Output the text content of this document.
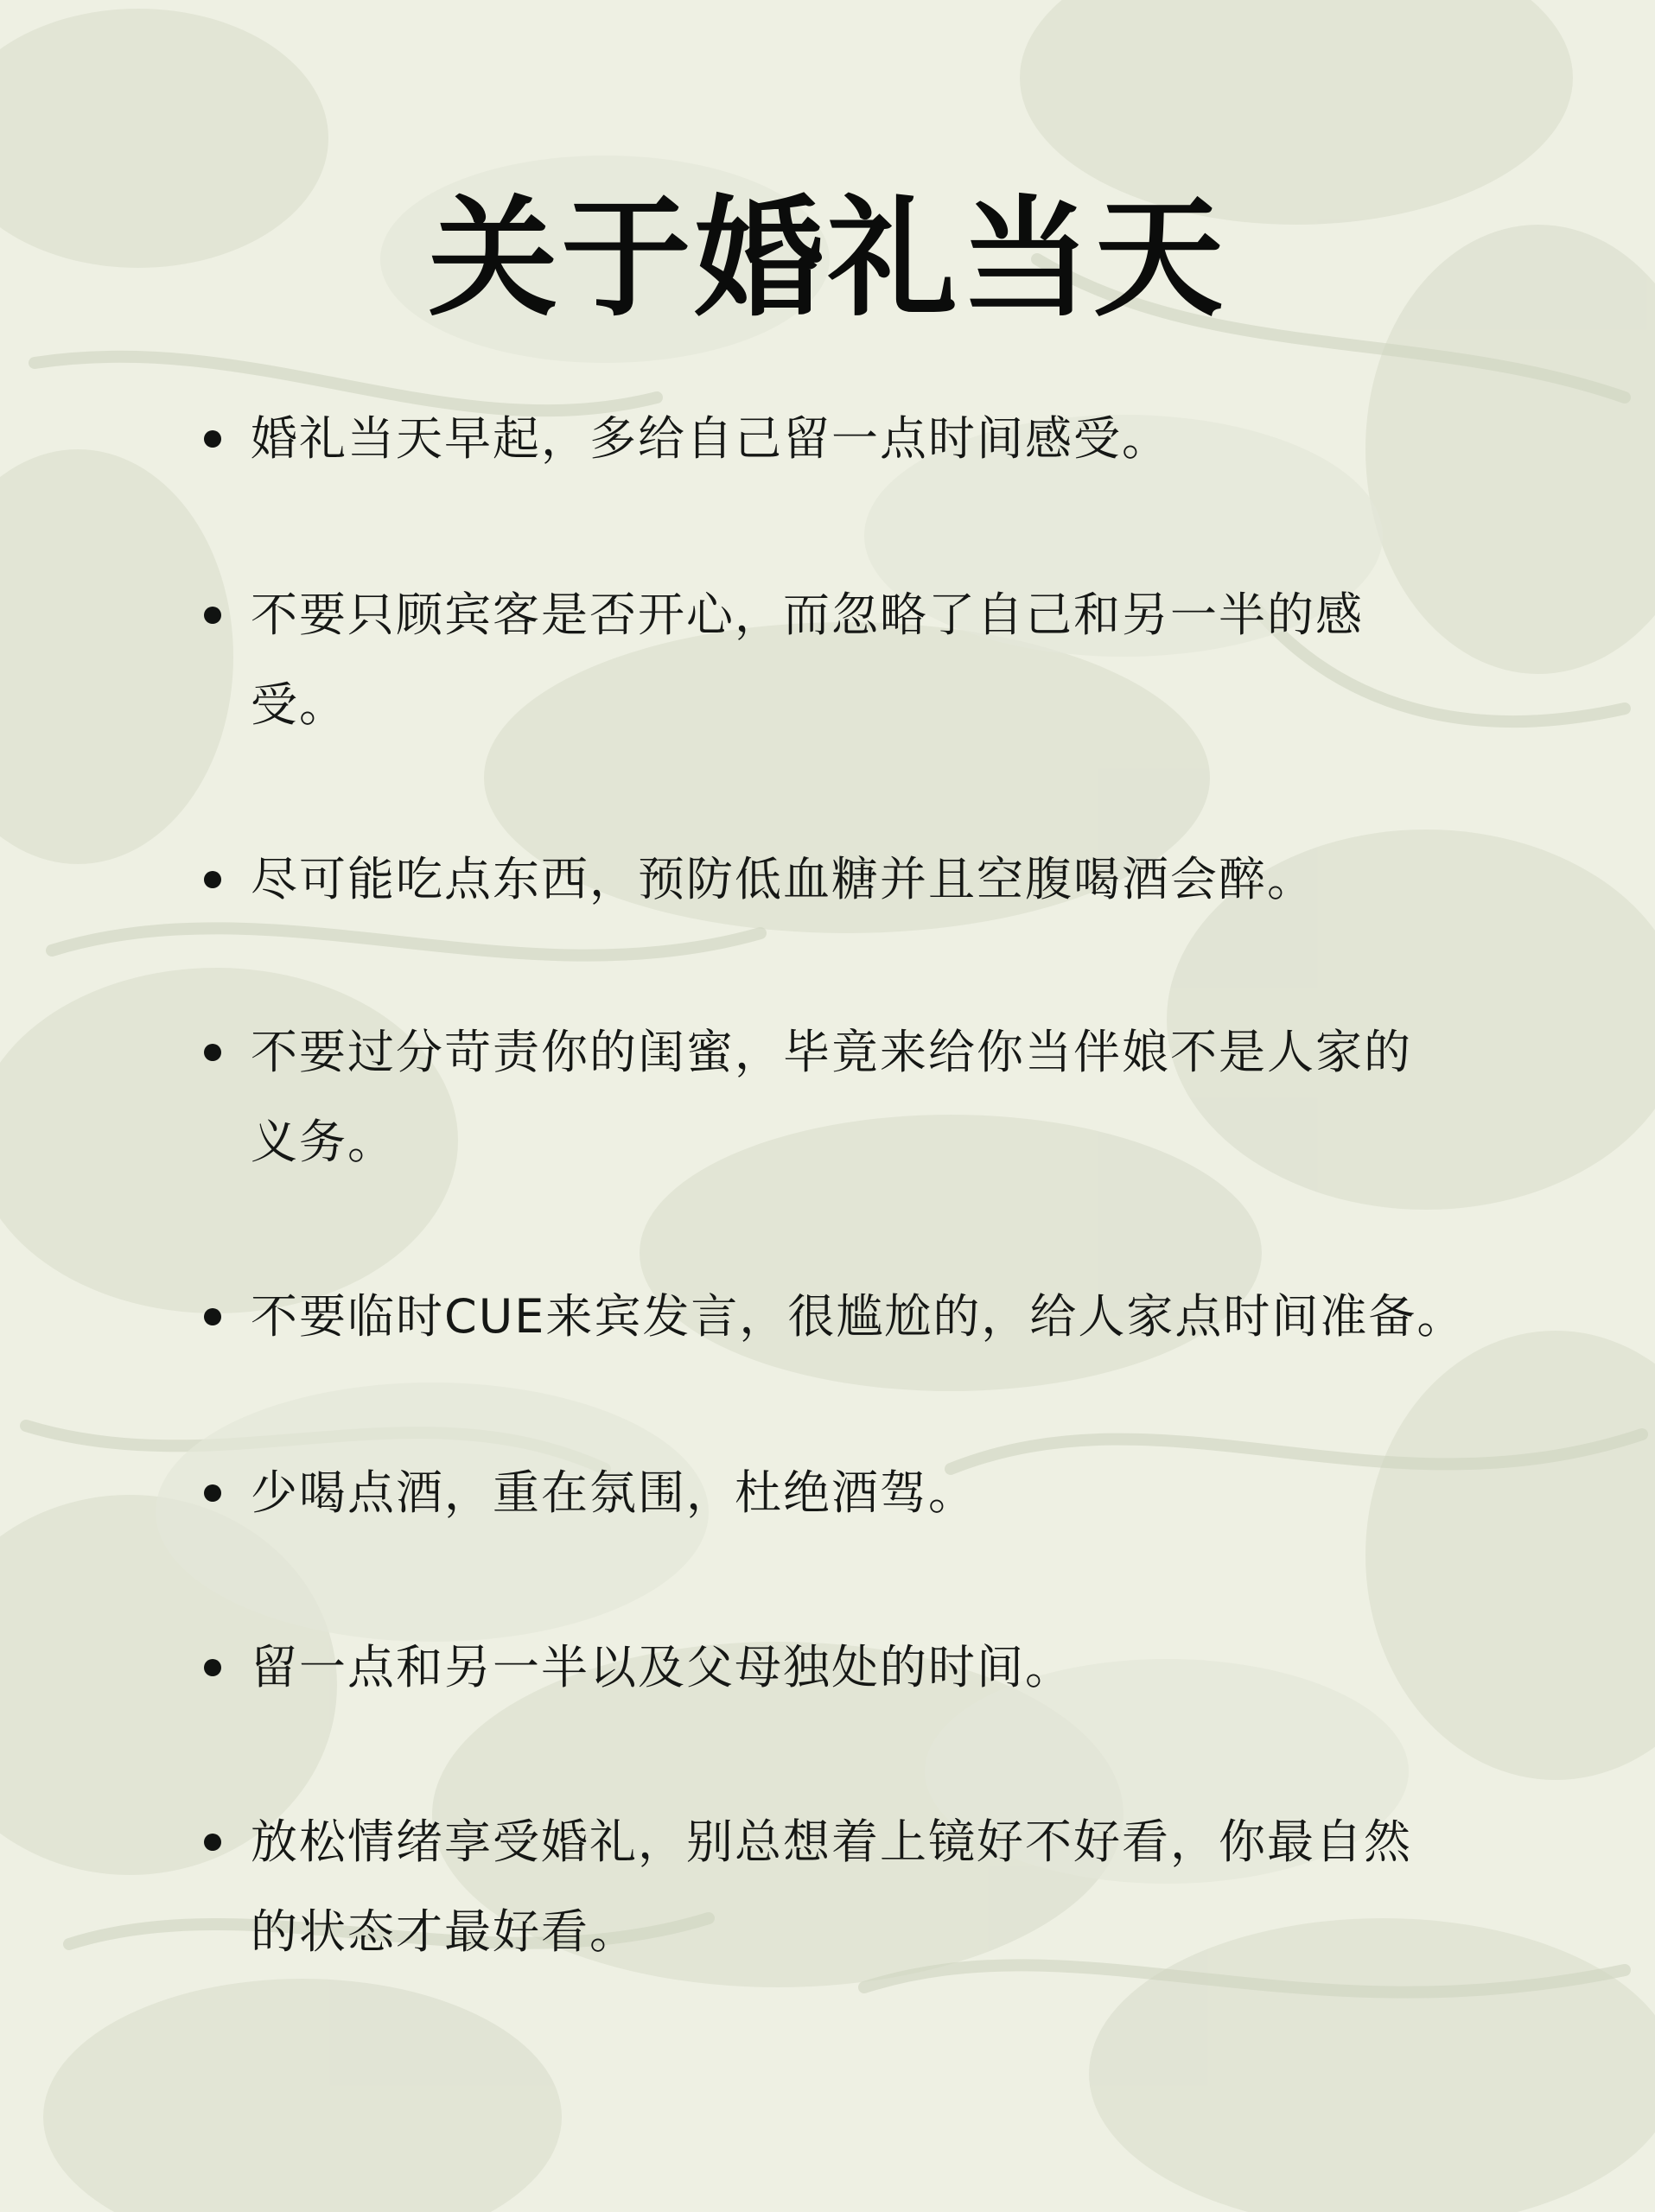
关于婚礼当天
婚礼当天早起，多给自己留一点时间感受。
不要只顾宾客是否开心，而忽略了自己和另一半的感
受。
尽可能吃点东西，预防低血糖并且空腹喝酒会醉。
不要过分苛责你的闺蜜，毕竟来给你当伴娘不是人家的
义务。
不要临时CUE来宾发言，很尴尬的，给人家点时间准备。
少喝点酒，重在氛围，杜绝酒驾。
留一点和另一半以及父母独处的时间。
放松情绪享受婚礼，别总想着上镜好不好看，你最自然
的状态才最好看。
